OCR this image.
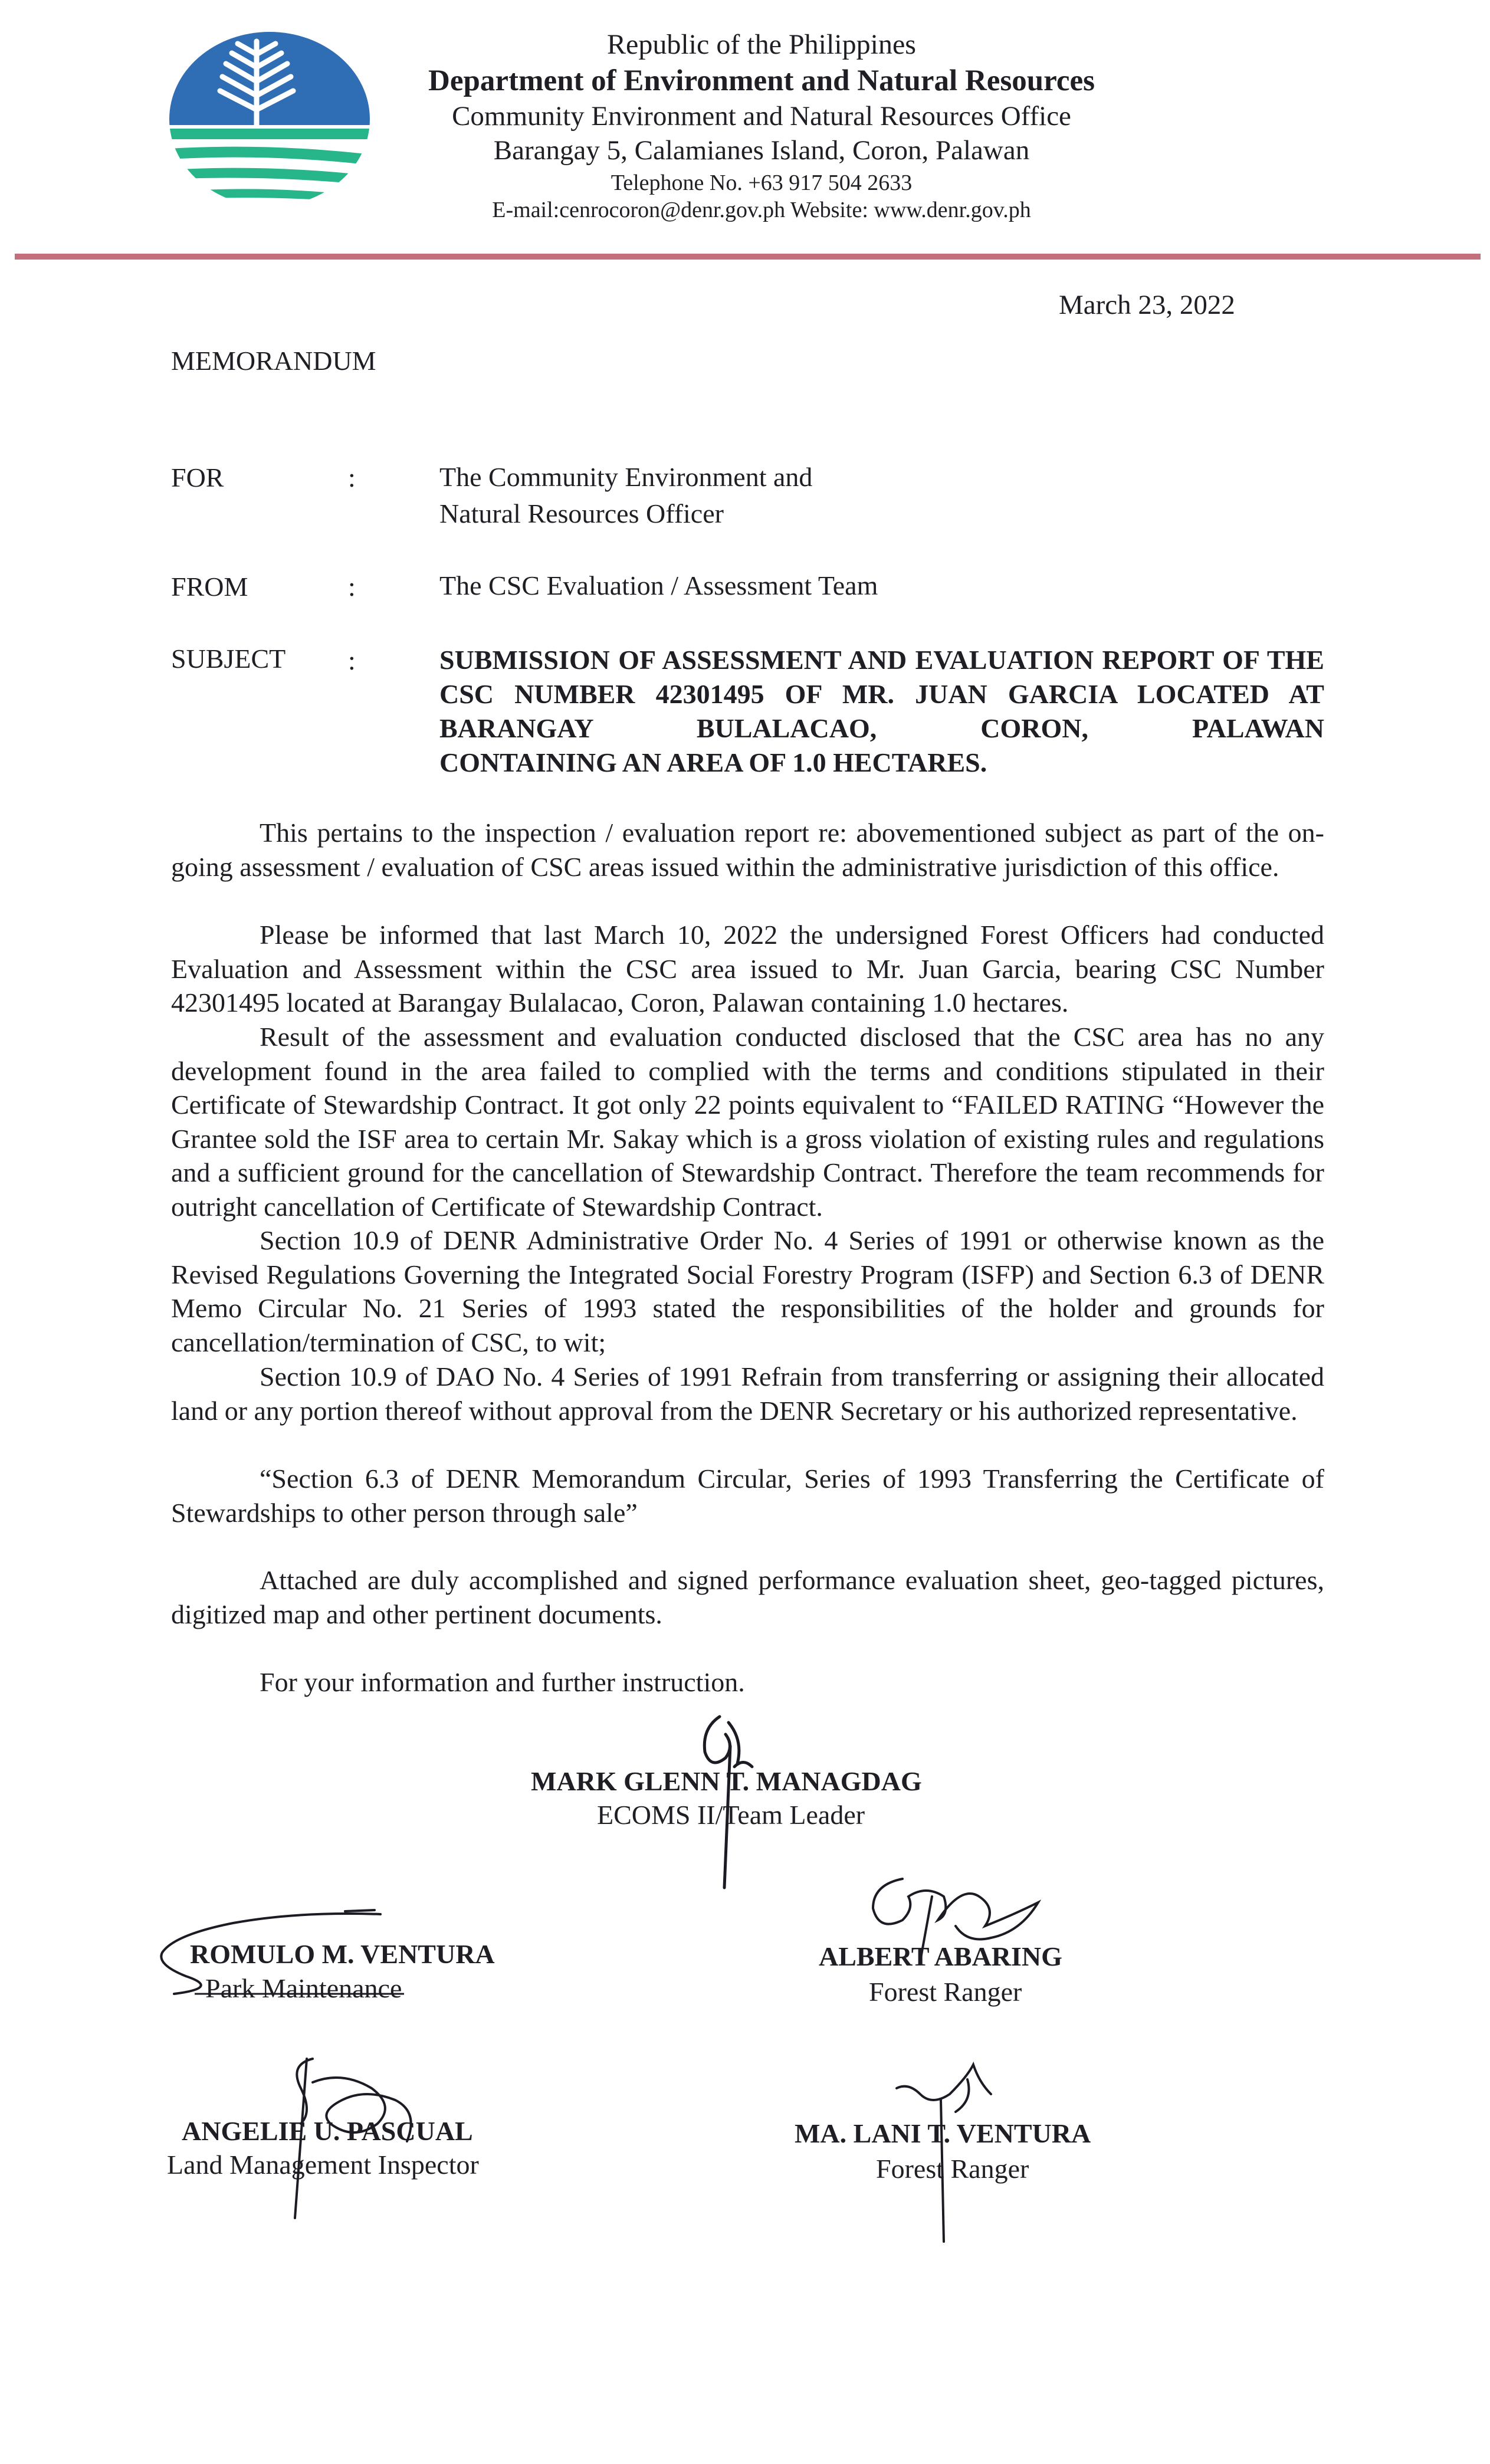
Republic of the Philippines
Department of Environment and Natural Resources
Community Environment and Natural Resources Office
Barangay 5, Calamianes Island, Coron, Palawan
Telephone No. +63 917 504 2633
E-mail:cenrocoron@denr.gov.ph Website: www.denr.gov.ph
March 23, 2022
MEMORANDUM
FOR	:	The Community Environment and
Natural Resources Officer
FROM	:	The CSC Evaluation / Assessment Team
SUBJECT :	SUBMISSION OF ASSESSMENT AND EVALUATION REPORT OF THE CSC NUMBER 42301495 OF MR. JUAN GARCIA LOCATED AT BARANGAY BULALACAO, CORON, PALAWAN
CONTAINING AN AREA OF 1.0 HECTARES.
This pertains to the inspection / evaluation report re: abovementioned subject as part of the on-going assessment / evaluation of CSC areas issued within the administrative jurisdiction of this office.
Please be informed that last March 10, 2022 the undersigned Forest Officers had conducted Evaluation and Assessment within the CSC area issued to Mr. Juan Garcia, bearing CSC Number 42301495 located at Barangay Bulalacao, Coron, Palawan containing 1.0 hectares.
Result of the assessment and evaluation conducted disclosed that the CSC area has no any development found in the area failed to complied with the terms and conditions stipulated in their Certificate of Stewardship Contract. It got only 22 points equivalent to “FAILED RATING “However the Grantee sold the ISF area to certain Mr. Sakay which is a gross violation of existing rules and regulations and a sufficient ground for the cancellation of Stewardship Contract. Therefore the team recommends for outright cancellation of Certificate of Stewardship Contract.
Section 10.9 of DENR Administrative Order No. 4 Series of 1991 or otherwise known as the Revised Regulations Governing the Integrated Social Forestry Program (ISFP) and Section 6.3 of DENR Memo Circular No. 21 Series of 1993 stated the responsibilities of the holder and grounds for cancellation/termination of CSC, to wit;
Section 10.9 of DAO No. 4 Series of 1991 Refrain from transferring or assigning their allocated land or any portion thereof without approval from the DENR Secretary or his authorized representative.
“Section 6.3 of DENR Memorandum Circular, Series of 1993 Transferring the Certificate of Stewardships to other person through sale”
Attached are duly accomplished and signed performance evaluation sheet, geo-tagged pictures, digitized map and other pertinent documents.
For your information and further instruction.
MARK GLENN T. MANAGDAG
ECOMS II/Team Leader
ROMULO M. VENTURA
Park Maintenance
ALBERT ABARING
Forest Ranger
ANGELIE U. PASCUAL
Land Management Inspector
MA. LANI T. VENTURA
Forest Ranger
